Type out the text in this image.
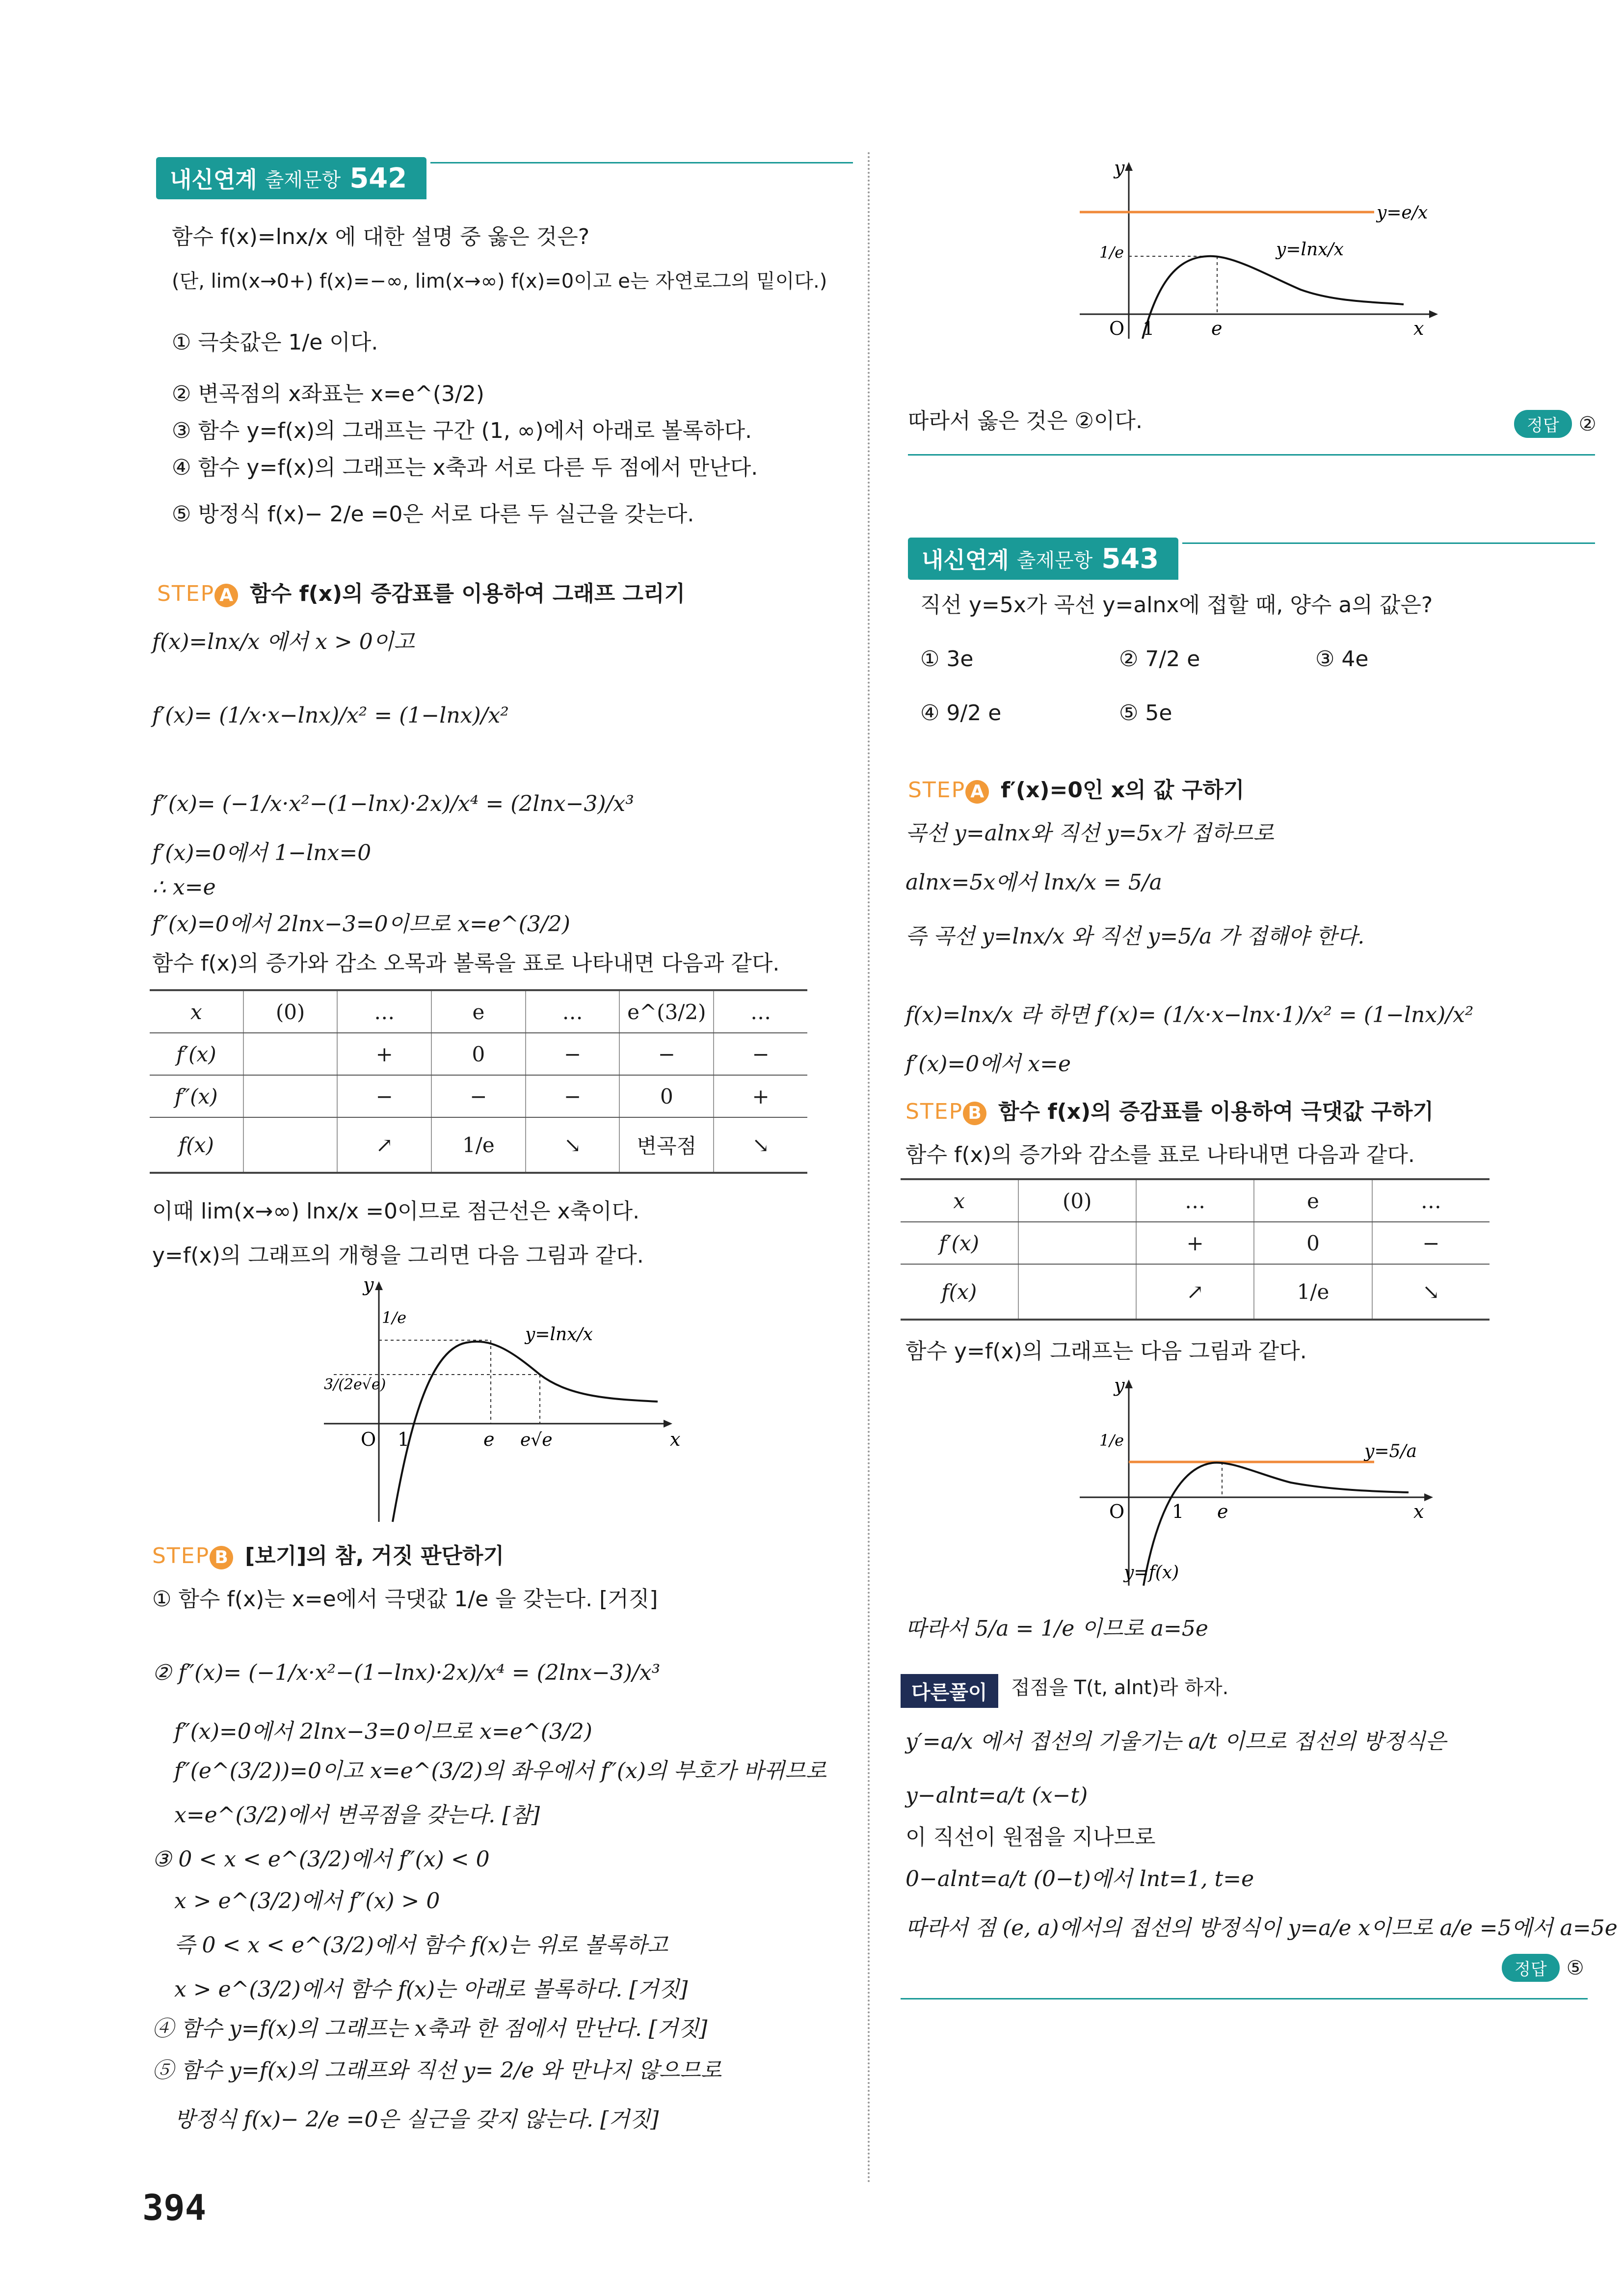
내신연계 출제문항 542
함수 f(x)=lnx/x 에 대한 설명 중 옳은 것은?
(단, lim(x→0+) f(x)=−∞, lim(x→∞) f(x)=0이고 e는 자연로그의 밑이다.)
① 극솟값은 1/e 이다.
② 변곡점의 x좌표는 x=e^(3/2)
③ 함수 y=f(x)의 그래프는 구간 (1, ∞)에서 아래로 볼록하다.
④ 함수 y=f(x)의 그래프는 x축과 서로 다른 두 점에서 만난다.
⑤ 방정식 f(x)− 2/e =0은 서로 다른 두 실근을 갖는다.
STEP A 함수 f(x)의 증감표를 이용하여 그래프 그리기
f(x)=lnx/x 에서 x > 0이고
f′(x)= (1/x·x−lnx)/x² = (1−lnx)/x²
f″(x)= (−1/x·x²−(1−lnx)·2x)/x⁴ = (2lnx−3)/x³
f′(x)=0에서 1−lnx=0
∴ x=e
f″(x)=0에서 2lnx−3=0이므로 x=e^(3/2)
함수 f(x)의 증가와 감소 오목과 볼록을 표로 나타내면 다음과 같다.
x	(0)	…	e	…	e^(3/2)	…
f′(x)		+	0	−	−	−
f″(x)		−	−	−	0	+
f(x)		↗	1/e	↘	변곡점	↘
이때 lim(x→∞) lnx/x =0이므로 점근선은 x축이다.
y=f(x)의 그래프의 개형을 그리면 다음 그림과 같다.
y
x
O 1	e e√e
1/e
3/(2e√e)
y=lnx/x
STEP B [보기]의 참, 거짓 판단하기
① 함수 f(x)는 x=e에서 극댓값 1/e 을 갖는다. [거짓]
② f″(x)= (−1/x·x²−(1−lnx)·2x)/x⁴ = (2lnx−3)/x³
f″(x)=0에서 2lnx−3=0이므로 x=e^(3/2)
f″(e^(3/2))=0이고 x=e^(3/2)의 좌우에서 f″(x)의 부호가 바뀌므로
x=e^(3/2)에서 변곡점을 갖는다. [참]
③ 0 < x < e^(3/2)에서 f″(x) < 0
x > e^(3/2)에서 f″(x) > 0
즉 0 < x < e^(3/2)에서 함수 f(x)는 위로 볼록하고
x > e^(3/2)에서 함수 f(x)는 아래로 볼록하다. [거짓]
④ 함수 y=f(x)의 그래프는 x축과 한 점에서 만난다. [거짓]
⑤ 함수 y=f(x)의 그래프와 직선 y= 2/e 와 만나지 않으므로
방정식 f(x)− 2/e =0은 실근을 갖지 않는다. [거짓]
y
x
O 1	e
1/e	y=lnx/x
y=e/x
따라서 옳은 것은 ②이다.	정답	②
내신연계 출제문항 543
직선 y=5x가 곡선 y=alnx에 접할 때, 양수 a의 값은?
① 3e	② 7/2 e	③ 4e
④ 9/2 e	⑤ 5e
STEP A f′(x)=0인 x의 값 구하기
곡선 y=alnx와 직선 y=5x가 접하므로
alnx=5x에서 lnx/x = 5/a
즉 곡선 y=lnx/x 와 직선 y=5/a 가 접해야 한다.
f(x)=lnx/x 라 하면 f′(x)= (1/x·x−lnx·1)/x² = (1−lnx)/x²
f′(x)=0에서 x=e
STEP B 함수 f(x)의 증감표를 이용하여 극댓값 구하기
함수 f(x)의 증가와 감소를 표로 나타내면 다음과 같다.
x	(0)	…	e	…
f′(x)		+	0	−
f(x)		↗	1/e	↘
함수 y=f(x)의 그래프는 다음 그림과 같다.
y
x
O	1 e
1/e
y=5/a
y=f(x)
따라서 5/a = 1/e 이므로 a=5e
다른풀이	접점을 T(t, alnt)라 하자.
y′=a/x 에서 접선의 기울기는 a/t 이므로 접선의 방정식은
y−alnt=a/t (x−t)
이 직선이 원점을 지나므로
0−alnt=a/t (0−t)에서 lnt=1, t=e
따라서 점 (e, a)에서의 접선의 방정식이 y=a/e x이므로 a/e =5에서 a=5e
정답	⑤
394
